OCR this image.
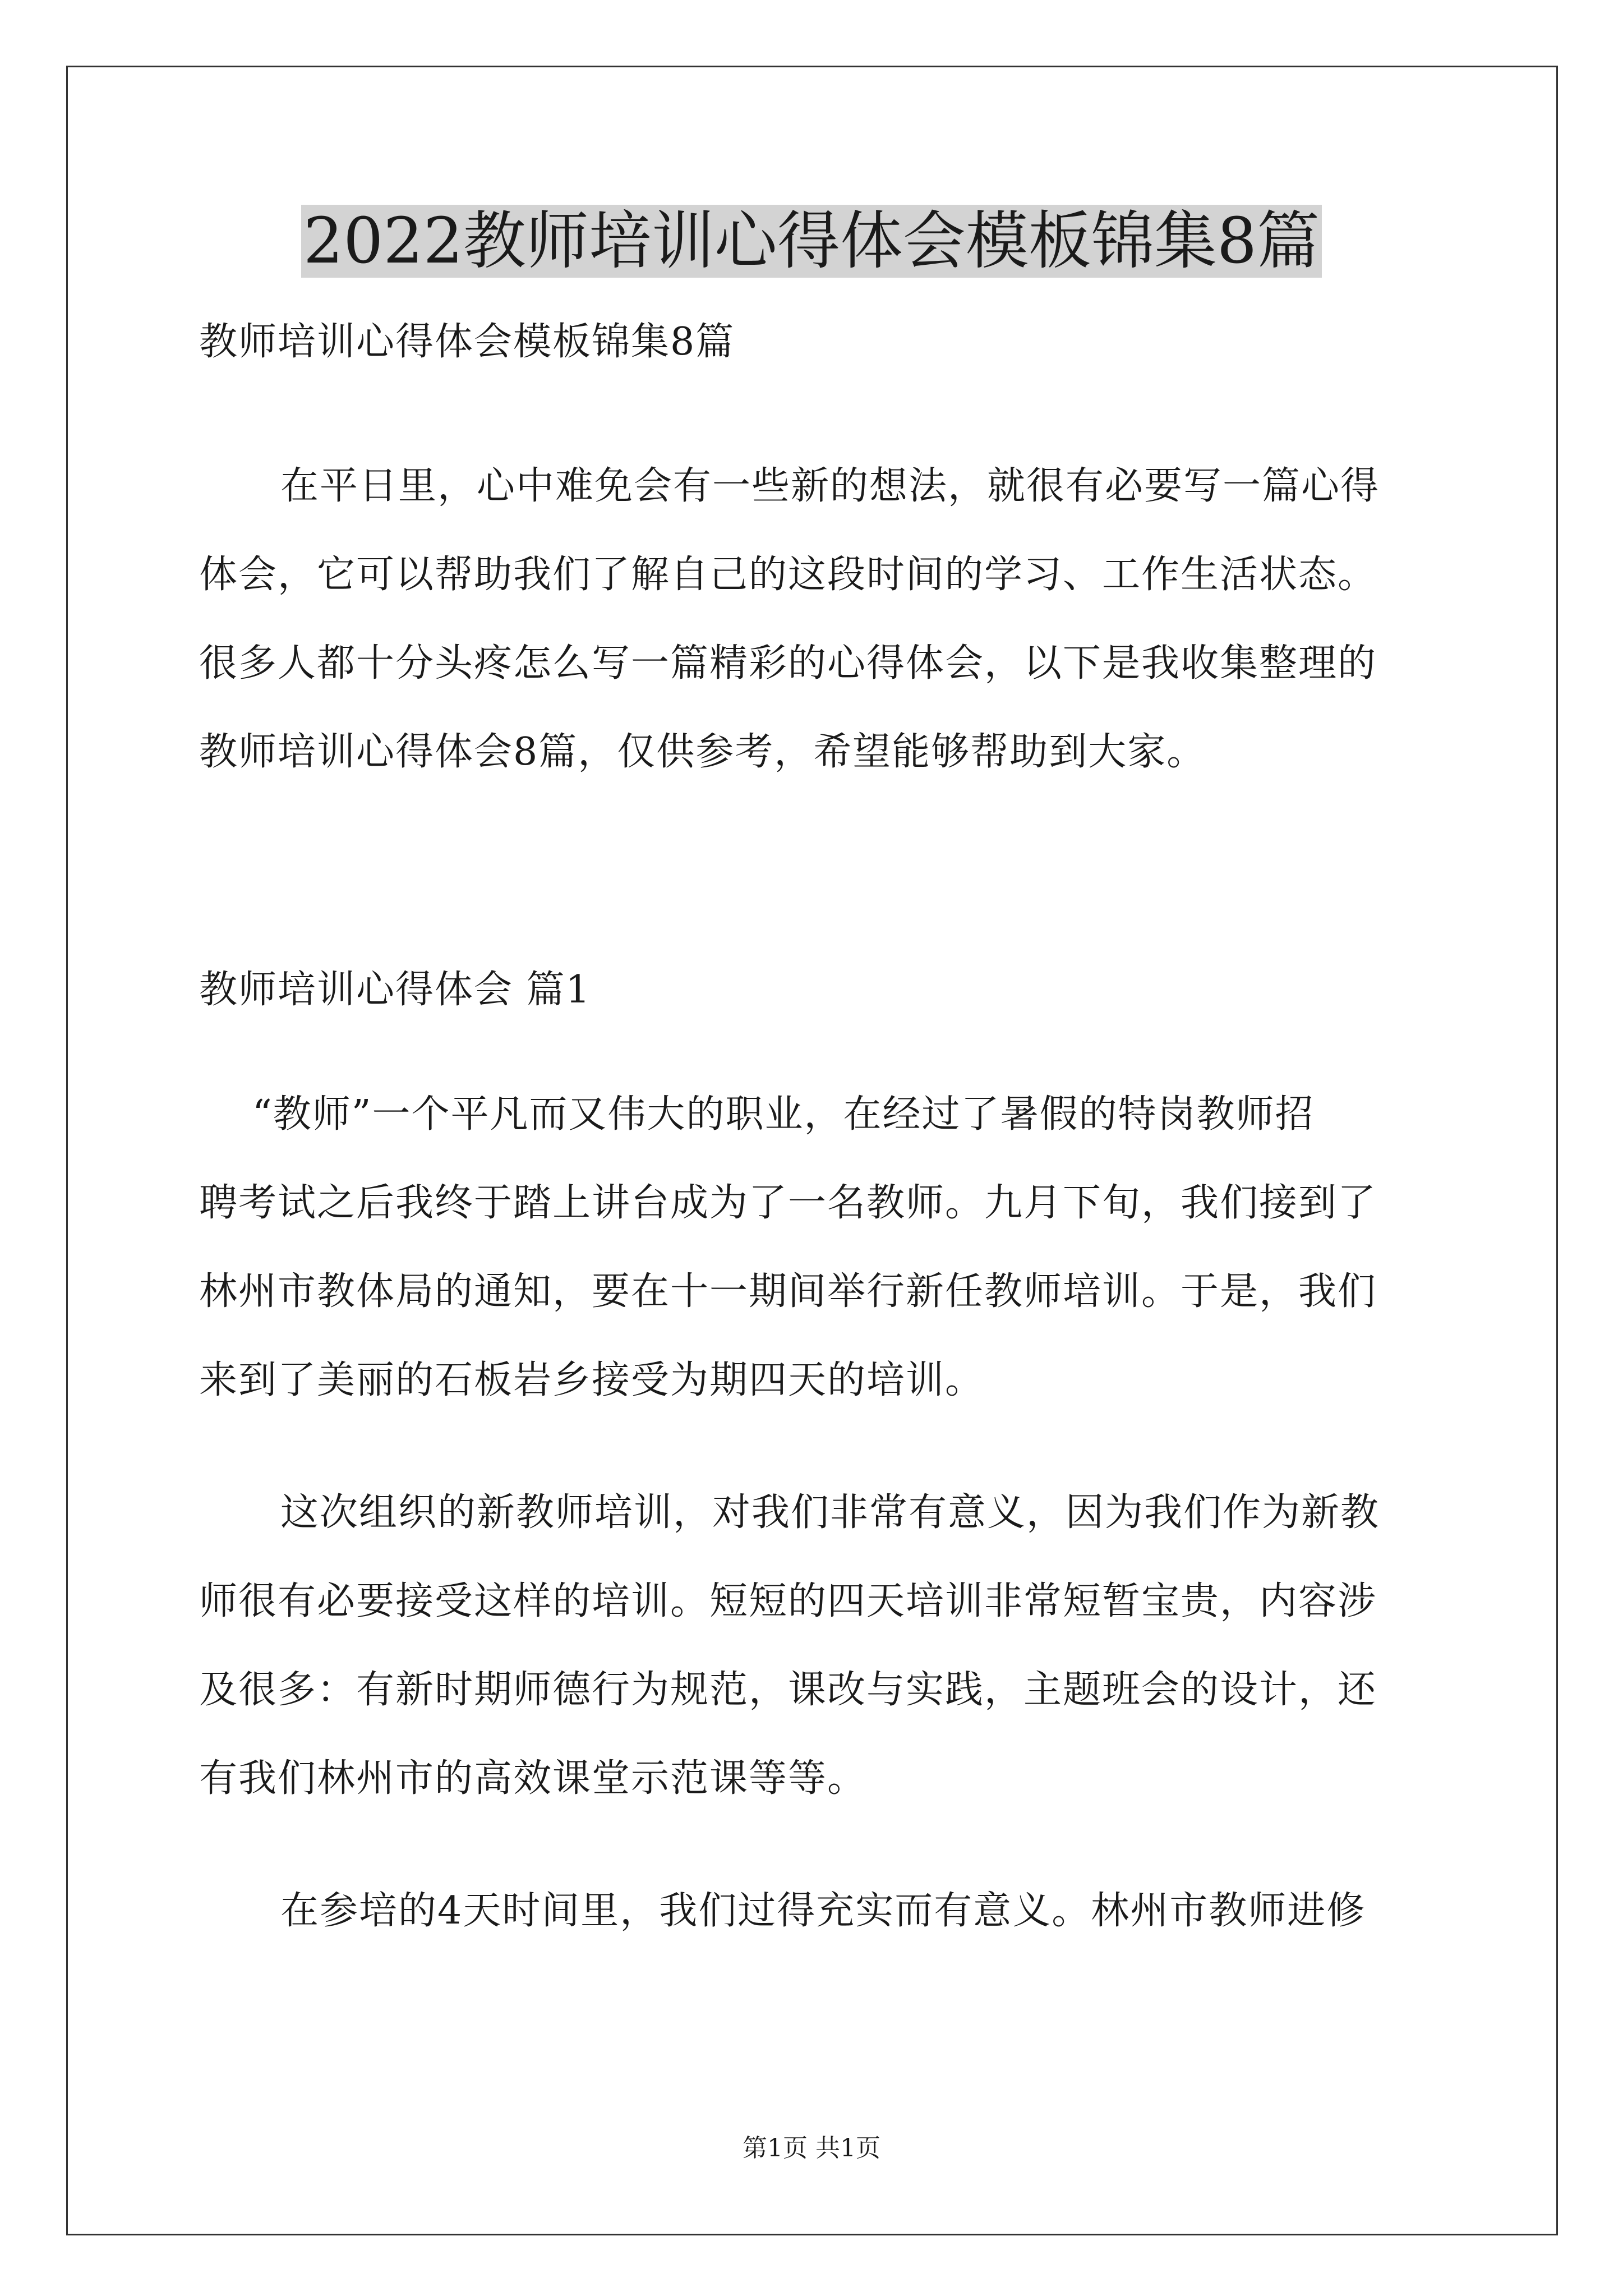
2022教师培训心得体会模板锦集8篇

教师培训心得体会模板锦集8篇

在平日里，心中难免会有一些新的想法，就很有必要写一篇心得

体会，它可以帮助我们了解自己的这段时间的学习、工作生活状态。

很多人都十分头疼怎么写一篇精彩的心得体会，以下是我收集整理的

教师培训心得体会8篇，仅供参考，希望能够帮助到大家。

教师培训心得体会 篇1

“教师”一个平凡而又伟大的职业，在经过了暑假的特岗教师招

聘考试之后我终于踏上讲台成为了一名教师。九月下旬，我们接到了

林州市教体局的通知，要在十一期间举行新任教师培训。于是，我们

来到了美丽的石板岩乡接受为期四天的培训。

这次组织的新教师培训，对我们非常有意义，因为我们作为新教

师很有必要接受这样的培训。短短的四天培训非常短暂宝贵，内容涉

及很多：有新时期师德行为规范，课改与实践，主题班会的设计，还

有我们林州市的高效课堂示范课等等。

在参培的4天时间里，我们过得充实而有意义。林州市教师进修

第1页 共1页
